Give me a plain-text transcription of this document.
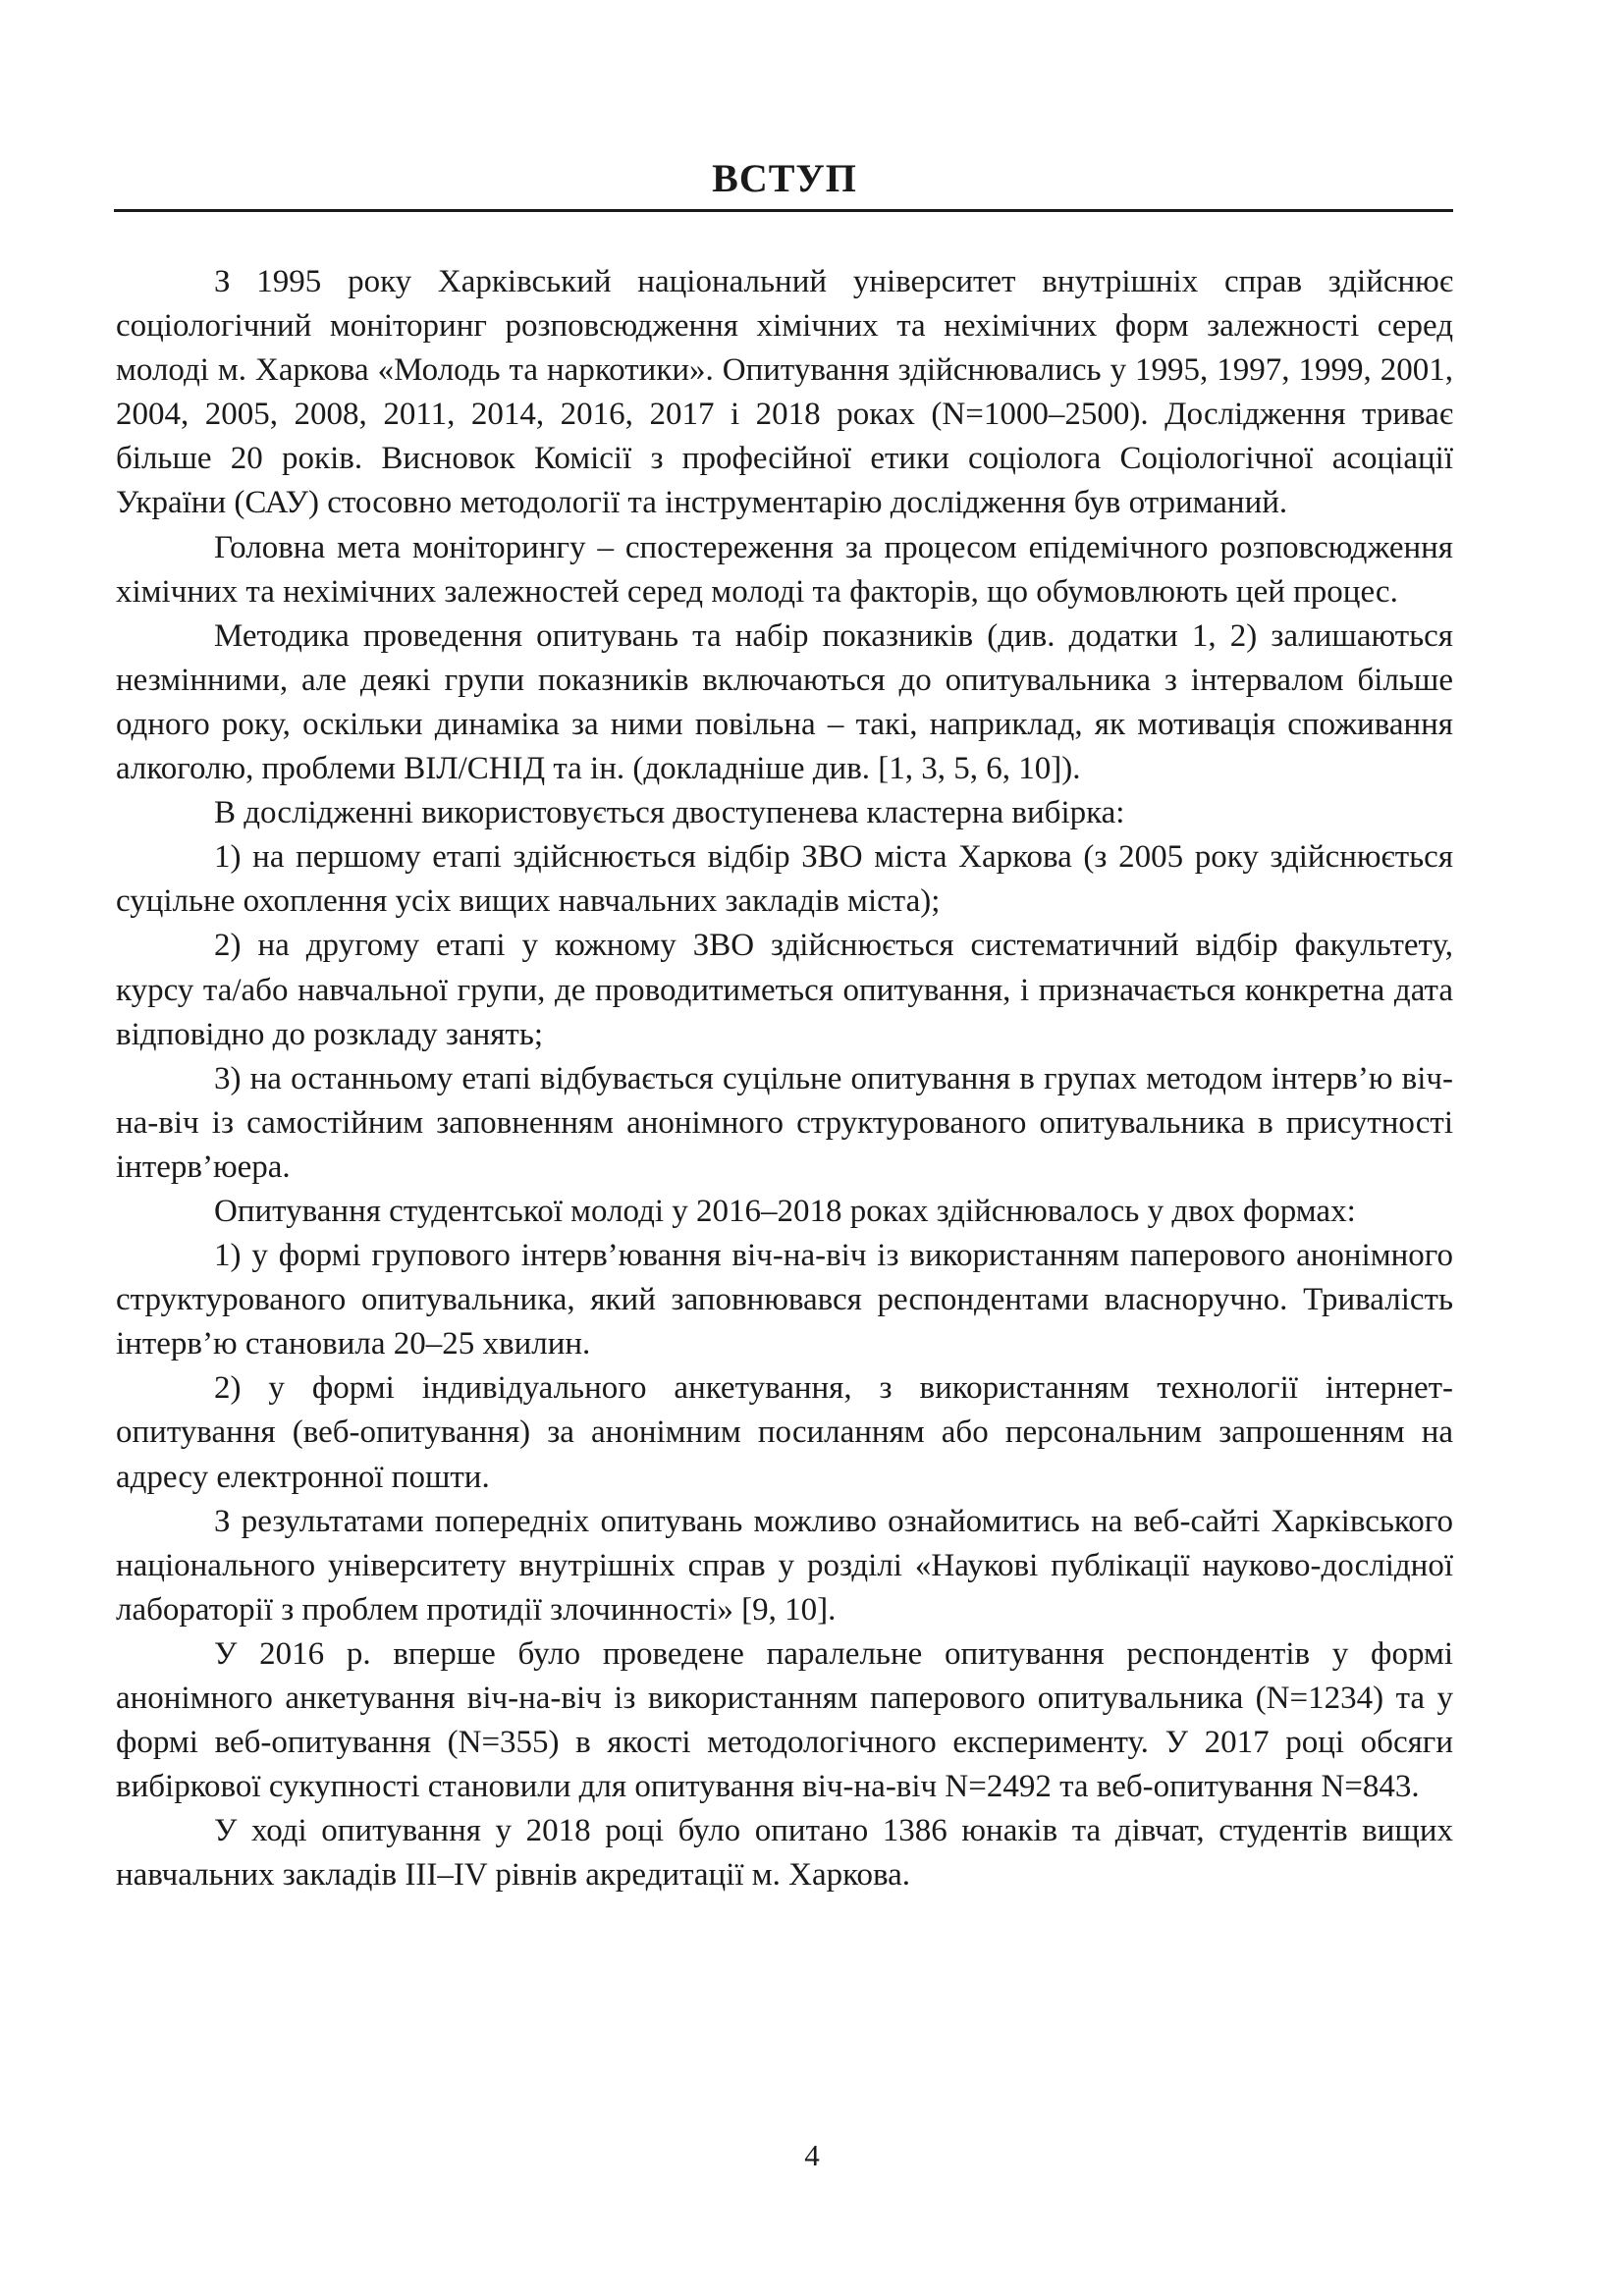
ВСТУП

З 1995 року Харківський національний університет внутрішніх справ здійснює соціологічний моніторинг розповсюдження хімічних та нехімічних форм залежності серед молоді м. Харкова «Молодь та наркотики». Опитування здійснювались у 1995, 1997, 1999, 2001, 2004, 2005, 2008, 2011, 2014, 2016, 2017 і 2018 роках (N=1000–2500). Дослідження триває більше 20 років. Висновок Комісії з професійної етики соціолога Соціологічної асоціації України (САУ) стосовно методології та інструментарію дослідження був отриманий.

Головна мета моніторингу – спостереження за процесом епідемічного розповсюдження хімічних та нехімічних залежностей серед молоді та факторів, що обумовлюють цей процес.

Методика проведення опитувань та набір показників (див. додатки 1, 2) залишаються незмінними, але деякі групи показників включаються до опитувальника з інтервалом більше одного року, оскільки динаміка за ними повільна – такі, наприклад, як мотивація споживання алкоголю, проблеми ВІЛ/СНІД та ін. (докладніше див. [1, 3, 5, 6, 10]).

В дослідженні використовується двоступенева кластерна вибірка:

1) на першому етапі здійснюється відбір ЗВО міста Харкова (з 2005 року здійснюється суцільне охоплення усіх вищих навчальних закладів міста);

2) на другому етапі у кожному ЗВО здійснюється систематичний відбір факультету, курсу та/або навчальної групи, де проводитиметься опитування, і призначається конкретна дата відповідно до розкладу занять;

3) на останньому етапі відбувається суцільне опитування в групах методом інтерв’ю віч-на-віч із самостійним заповненням анонімного структурованого опитувальника в присутності інтерв’юера.

Опитування студентської молоді у 2016–2018 роках здійснювалось у двох формах:

1) у формі групового інтерв’ювання віч-на-віч із використанням паперового анонімного структурованого опитувальника, який заповнювався респондентами власноручно. Тривалість інтерв’ю становила 20–25 хвилин.

2) у формі індивідуального анкетування, з використанням технології інтернет-опитування (веб-опитування) за анонімним посиланням або персональним запрошенням на адресу електронної пошти.

З результатами попередніх опитувань можливо ознайомитись на веб-сайті Харківського національного університету внутрішніх справ у розділі «Наукові публікації науково-дослідної лабораторії з проблем протидії злочинності» [9, 10].

У 2016 р. вперше було проведене паралельне опитування респондентів у формі анонімного анкетування віч-на-віч із використанням паперового опитувальника (N=1234) та у формі веб-опитування (N=355) в якості методологічного експерименту. У 2017 році обсяги вибіркової сукупності становили для опитування віч-на-віч N=2492 та веб-опитування N=843.

У ході опитування у 2018 році було опитано 1386 юнаків та дівчат, студентів вищих навчальних закладів ІІІ–ІV рівнів акредитації м. Харкова.

4
